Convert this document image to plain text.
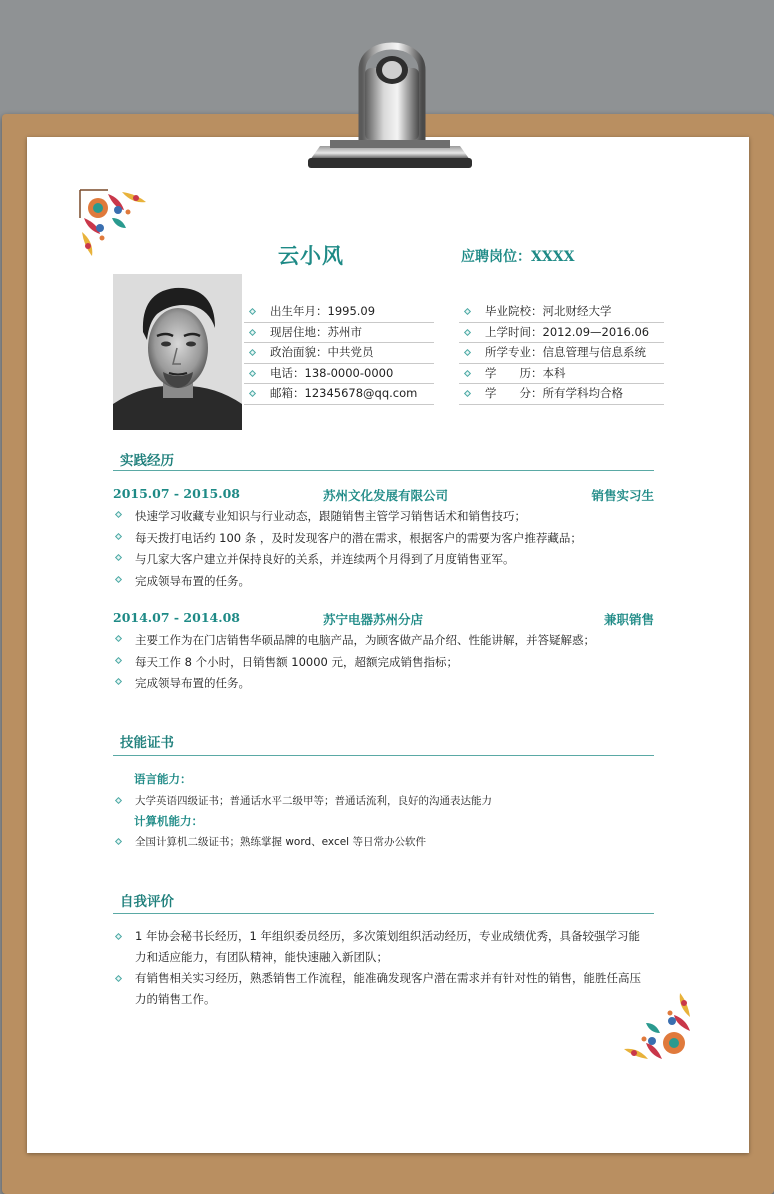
云小风	应聘岗位：XXXX
出生年月：1995.09
现居住地：苏州市
政治面貌：中共党员
电话：138-0000-0000
邮箱：12345678@qq.com
毕业院校：河北财经大学
上学时间：2012.09—2016.06
所学专业：信息管理与信息系统
学　　历：本科
学　　分：所有学科均合格
实践经历
2015.07 - 2015.08	苏州文化发展有限公司	销售实习生
快速学习收藏专业知识与行业动态，跟随销售主管学习销售话术和销售技巧；
每天拨打电话约 100 条 ，及时发现客户的潜在需求，根据客户的需要为客户推荐藏品；
与几家大客户建立并保持良好的关系，并连续两个月得到了月度销售亚军。
完成领导布置的任务。
2014.07 - 2014.08	苏宁电器苏州分店	兼职销售
主要工作为在门店销售华硕品牌的电脑产品，为顾客做产品介绍、性能讲解，并答疑解惑；
每天工作 8 个小时，日销售额 10000 元，超额完成销售指标；
完成领导布置的任务。
技能证书
语言能力：
大学英语四级证书；普通话水平二级甲等；普通话流利，良好的沟通表达能力
计算机能力：
全国计算机二级证书；熟练掌握 word、excel 等日常办公软件
自我评价
1 年协会秘书长经历，1 年组织委员经历，多次策划组织活动经历，专业成绩优秀，具备较强学习能力和适应能力，有团队精神，能快速融入新团队；
有销售相关实习经历，熟悉销售工作流程，能准确发现客户潜在需求并有针对性的销售，能胜任高压力的销售工作。
